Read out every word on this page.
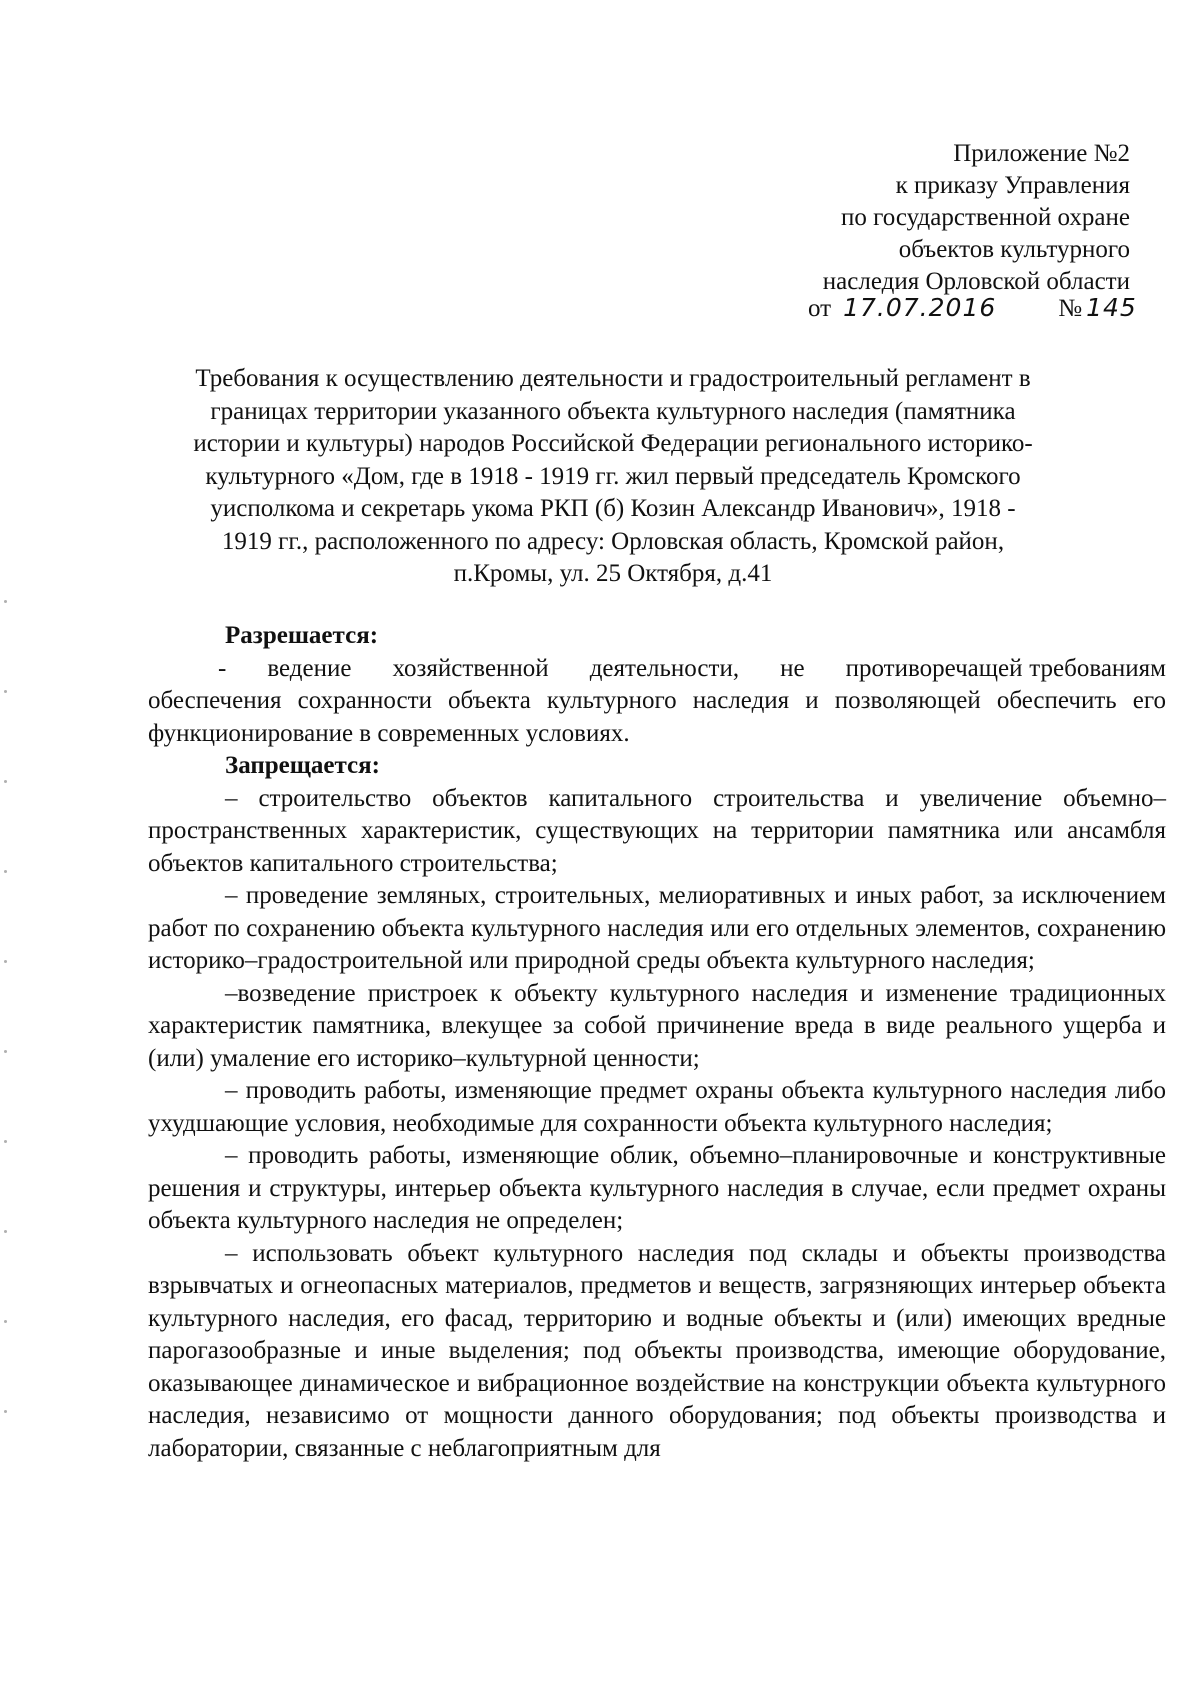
Приложение №2
к приказу Управления
по государственной охране
объектов культурного
наследия Орловской области
от 17.07.2016 № 145
Требования к осуществлению деятельности и градостроительный регламент в
границах территории указанного объекта культурного наследия (памятника
истории и культуры) народов Российской Федерации регионального историко-
культурного «Дом, где в 1918 - 1919 гг. жил первый председатель Кромского
уисполкома и секретарь укома РКП (б) Козин Александр Иванович», 1918 -
1919 гг., расположенного по адресу: Орловская область, Кромской район,
п.Кромы, ул. 25 Октября, д.41
Разрешается:

-      ведение      хозяйственной      деятельности,      не      противоречащей требованиям обеспечения сохранности объекта культурного наследия и позволяющей обеспечить его функционирование в современных условиях.

Запрещается:

– строительство объектов капитального строительства и увеличение объемно–пространственных характеристик, существующих на территории памятника или ансамбля объектов капитального строительства;

– проведение земляных, строительных, мелиоративных и иных работ, за исключением работ по сохранению объекта культурного наследия или его отдельных элементов, сохранению историко–градостроительной или природной среды объекта культурного наследия;

–возведение пристроек к объекту культурного наследия и изменение традиционных характеристик памятника, влекущее за собой причинение вреда в виде реального ущерба и (или) умаление его историко–культурной ценности;

– проводить работы, изменяющие предмет охраны объекта культурного наследия либо ухудшающие условия, необходимые для сохранности объекта культурного наследия;

– проводить работы, изменяющие облик, объемно–планировочные и конструктивные решения и структуры, интерьер объекта культурного наследия в случае, если предмет охраны объекта культурного наследия не определен;

– использовать объект культурного наследия под склады и объекты производства взрывчатых и огнеопасных материалов, предметов и веществ, загрязняющих интерьер объекта культурного наследия, его фасад, территорию и водные объекты и (или) имеющих вредные парогазообразные и иные выделения; под объекты производства, имеющие оборудование, оказывающее динамическое и вибрационное воздействие на конструкции объекта культурного наследия, независимо от мощности данного оборудования; под объекты производства и лаборатории, связанные с неблагоприятным для
